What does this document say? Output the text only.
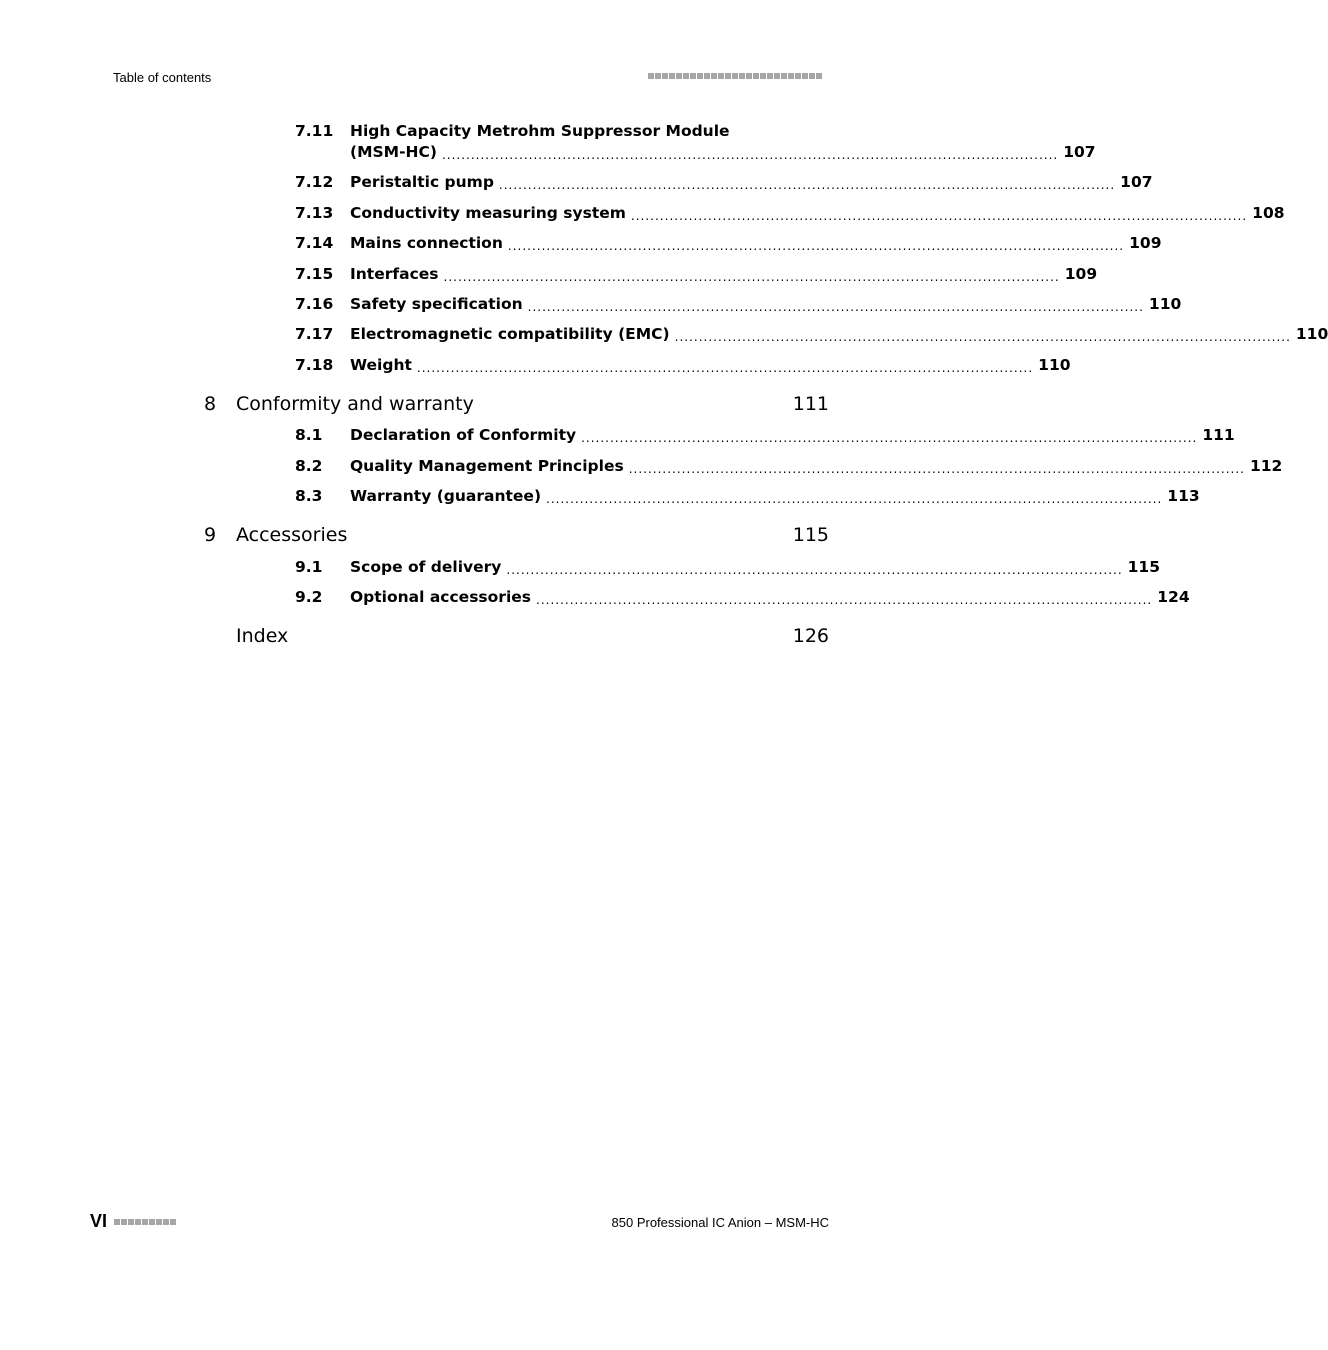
Table of contents
7.11 High Capacity Metrohm Suppressor Module
(MSM-HC) ................................................................................................................................ 107
7.12 Peristaltic pump ................................................................................................................................ 107
7.13 Conductivity measuring system ................................................................................................................................ 108
7.14 Mains connection ................................................................................................................................ 109
7.15 Interfaces ................................................................................................................................ 109
7.16 Safety specification ................................................................................................................................ 110
7.17 Electromagnetic compatibility (EMC) ................................................................................................................................ 110
7.18 Weight ................................................................................................................................ 110
8 Conformity and warranty	111
8.1 Declaration of Conformity ................................................................................................................................ 111
8.2 Quality Management Principles ................................................................................................................................ 112
8.3 Warranty (guarantee) ................................................................................................................................ 113
9 Accessories	115
9.1 Scope of delivery ................................................................................................................................ 115
9.2 Optional accessories ................................................................................................................................ 124
Index	126
VI	850 Professional IC Anion – MSM-HC
